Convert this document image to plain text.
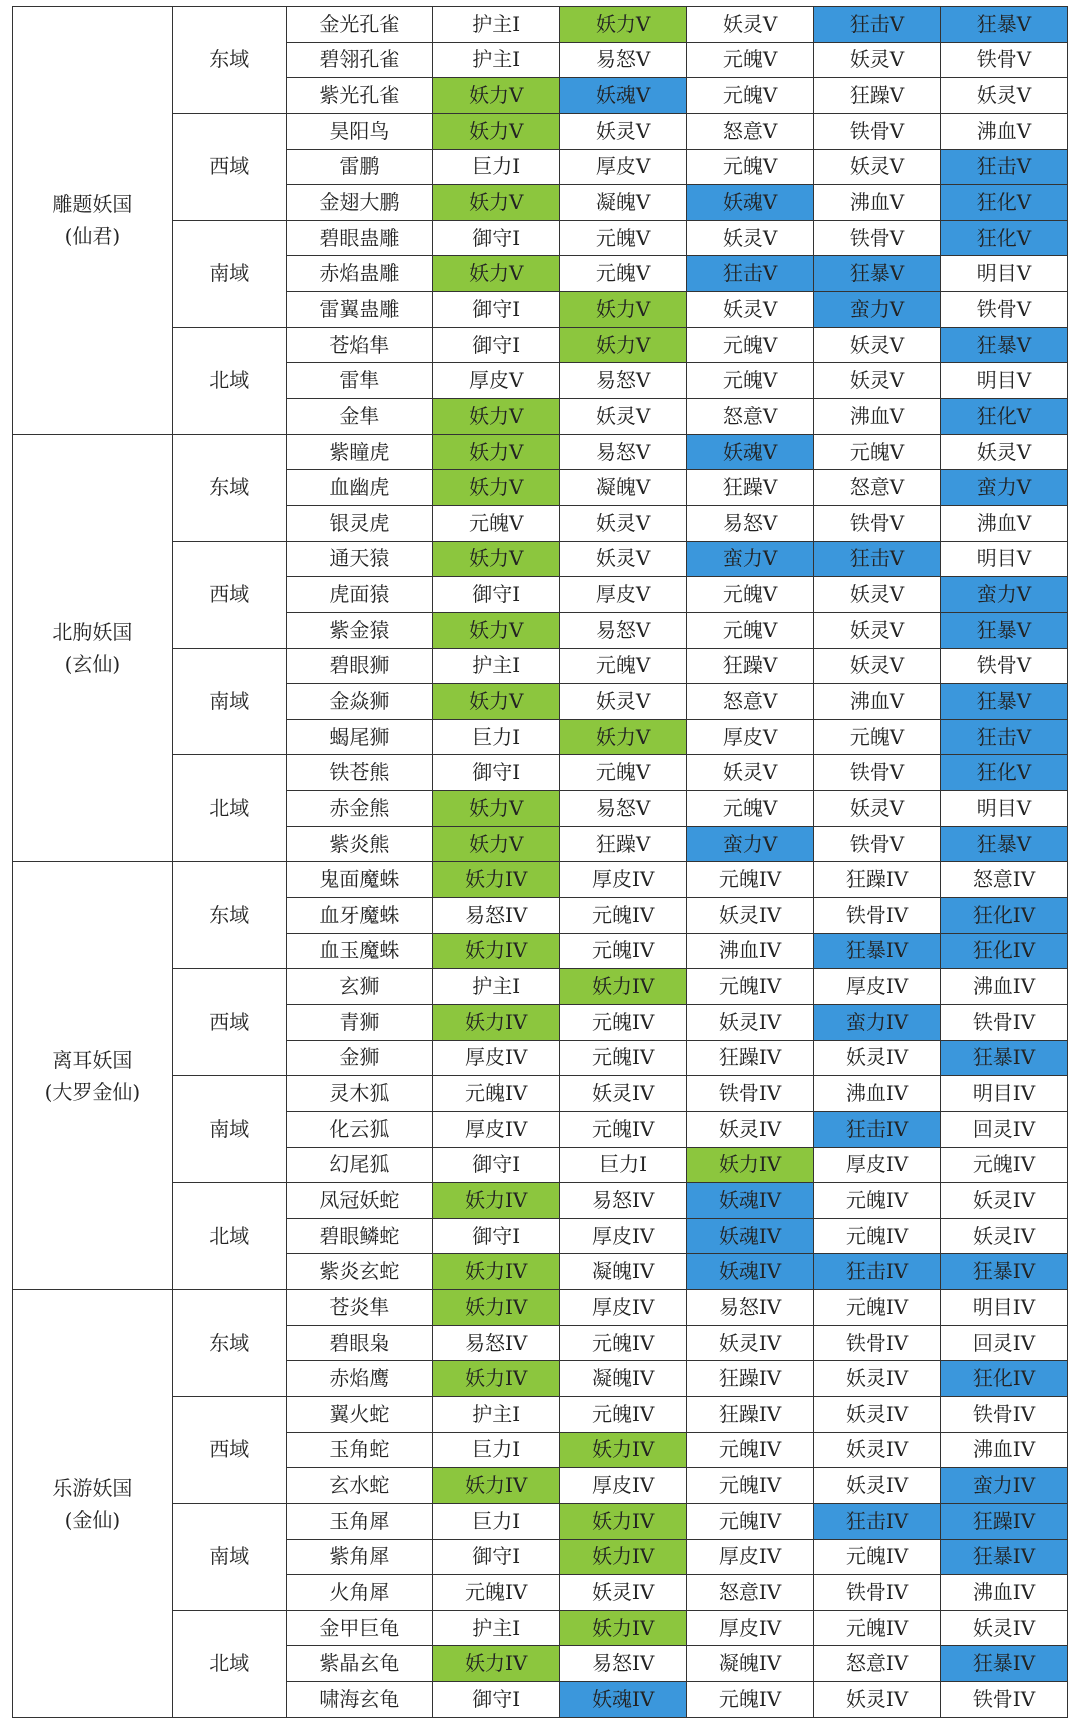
雕题妖国
(仙君)	东域	金光孔雀	护主I	妖力V	妖灵V	狂击V	狂暴V
		碧翎孔雀	护主I	易怒V	元魄V	妖灵V	铁骨V
		紫光孔雀	妖力V	妖魂V	元魄V	狂躁V	妖灵V
	西域	昊阳鸟	妖力V	妖灵V	怒意V	铁骨V	沸血V
		雷鹏	巨力I	厚皮V	元魄V	妖灵V	狂击V
		金翅大鹏	妖力V	凝魄V	妖魂V	沸血V	狂化V
	南域	碧眼蛊雕	御守I	元魄V	妖灵V	铁骨V	狂化V
		赤焰蛊雕	妖力V	元魄V	狂击V	狂暴V	明目V
		雷翼蛊雕	御守I	妖力V	妖灵V	蛮力V	铁骨V
	北域	苍焰隼	御守I	妖力V	元魄V	妖灵V	狂暴V
		雷隼	厚皮V	易怒V	元魄V	妖灵V	明目V
		金隼	妖力V	妖灵V	怒意V	沸血V	狂化V

北朐妖国
(玄仙)	东域	紫瞳虎	妖力V	易怒V	妖魂V	元魄V	妖灵V
		血幽虎	妖力V	凝魄V	狂躁V	怒意V	蛮力V
		银灵虎	元魄V	妖灵V	易怒V	铁骨V	沸血V
	西域	通天猿	妖力V	妖灵V	蛮力V	狂击V	明目V
		虎面猿	御守I	厚皮V	元魄V	妖灵V	蛮力V
		紫金猿	妖力V	易怒V	元魄V	妖灵V	狂暴V
	南域	碧眼狮	护主I	元魄V	狂躁V	妖灵V	铁骨V
		金焱狮	妖力V	妖灵V	怒意V	沸血V	狂暴V
		蝎尾狮	巨力I	妖力V	厚皮V	元魄V	狂击V
	北域	铁苍熊	御守I	元魄V	妖灵V	铁骨V	狂化V
		赤金熊	妖力V	易怒V	元魄V	妖灵V	明目V
		紫炎熊	妖力V	狂躁V	蛮力V	铁骨V	狂暴V

离耳妖国
(大罗金仙)	东域	鬼面魔蛛	妖力IV	厚皮IV	元魄IV	狂躁IV	怒意IV
		血牙魔蛛	易怒IV	元魄IV	妖灵IV	铁骨IV	狂化IV
		血玉魔蛛	妖力IV	元魄IV	沸血IV	狂暴IV	狂化IV
	西域	玄狮	护主I	妖力IV	元魄IV	厚皮IV	沸血IV
		青狮	妖力IV	元魄IV	妖灵IV	蛮力IV	铁骨IV
		金狮	厚皮IV	元魄IV	狂躁IV	妖灵IV	狂暴IV
	南域	灵木狐	元魄IV	妖灵IV	铁骨IV	沸血IV	明目IV
		化云狐	厚皮IV	元魄IV	妖灵IV	狂击IV	回灵IV
		幻尾狐	御守I	巨力I	妖力IV	厚皮IV	元魄IV
	北域	凤冠妖蛇	妖力IV	易怒IV	妖魂IV	元魄IV	妖灵IV
		碧眼鳞蛇	御守I	厚皮IV	妖魂IV	元魄IV	妖灵IV
		紫炎玄蛇	妖力IV	凝魄IV	妖魂IV	狂击IV	狂暴IV

乐游妖国
(金仙)	东域	苍炎隼	妖力IV	厚皮IV	易怒IV	元魄IV	明目IV
		碧眼枭	易怒IV	元魄IV	妖灵IV	铁骨IV	回灵IV
		赤焰鹰	妖力IV	凝魄IV	狂躁IV	妖灵IV	狂化IV
	西域	翼火蛇	护主I	元魄IV	狂躁IV	妖灵IV	铁骨IV
		玉角蛇	巨力I	妖力IV	元魄IV	妖灵IV	沸血IV
		玄水蛇	妖力IV	厚皮IV	元魄IV	妖灵IV	蛮力IV
	南域	玉角犀	巨力I	妖力IV	元魄IV	狂击IV	狂躁IV
		紫角犀	御守I	妖力IV	厚皮IV	元魄IV	狂暴IV
		火角犀	元魄IV	妖灵IV	怒意IV	铁骨IV	沸血IV
	北域	金甲巨龟	护主I	妖力IV	厚皮IV	元魄IV	妖灵IV
		紫晶玄龟	妖力IV	易怒IV	凝魄IV	怒意IV	狂暴IV
		啸海玄龟	御守I	妖魂IV	元魄IV	妖灵IV	铁骨IV
